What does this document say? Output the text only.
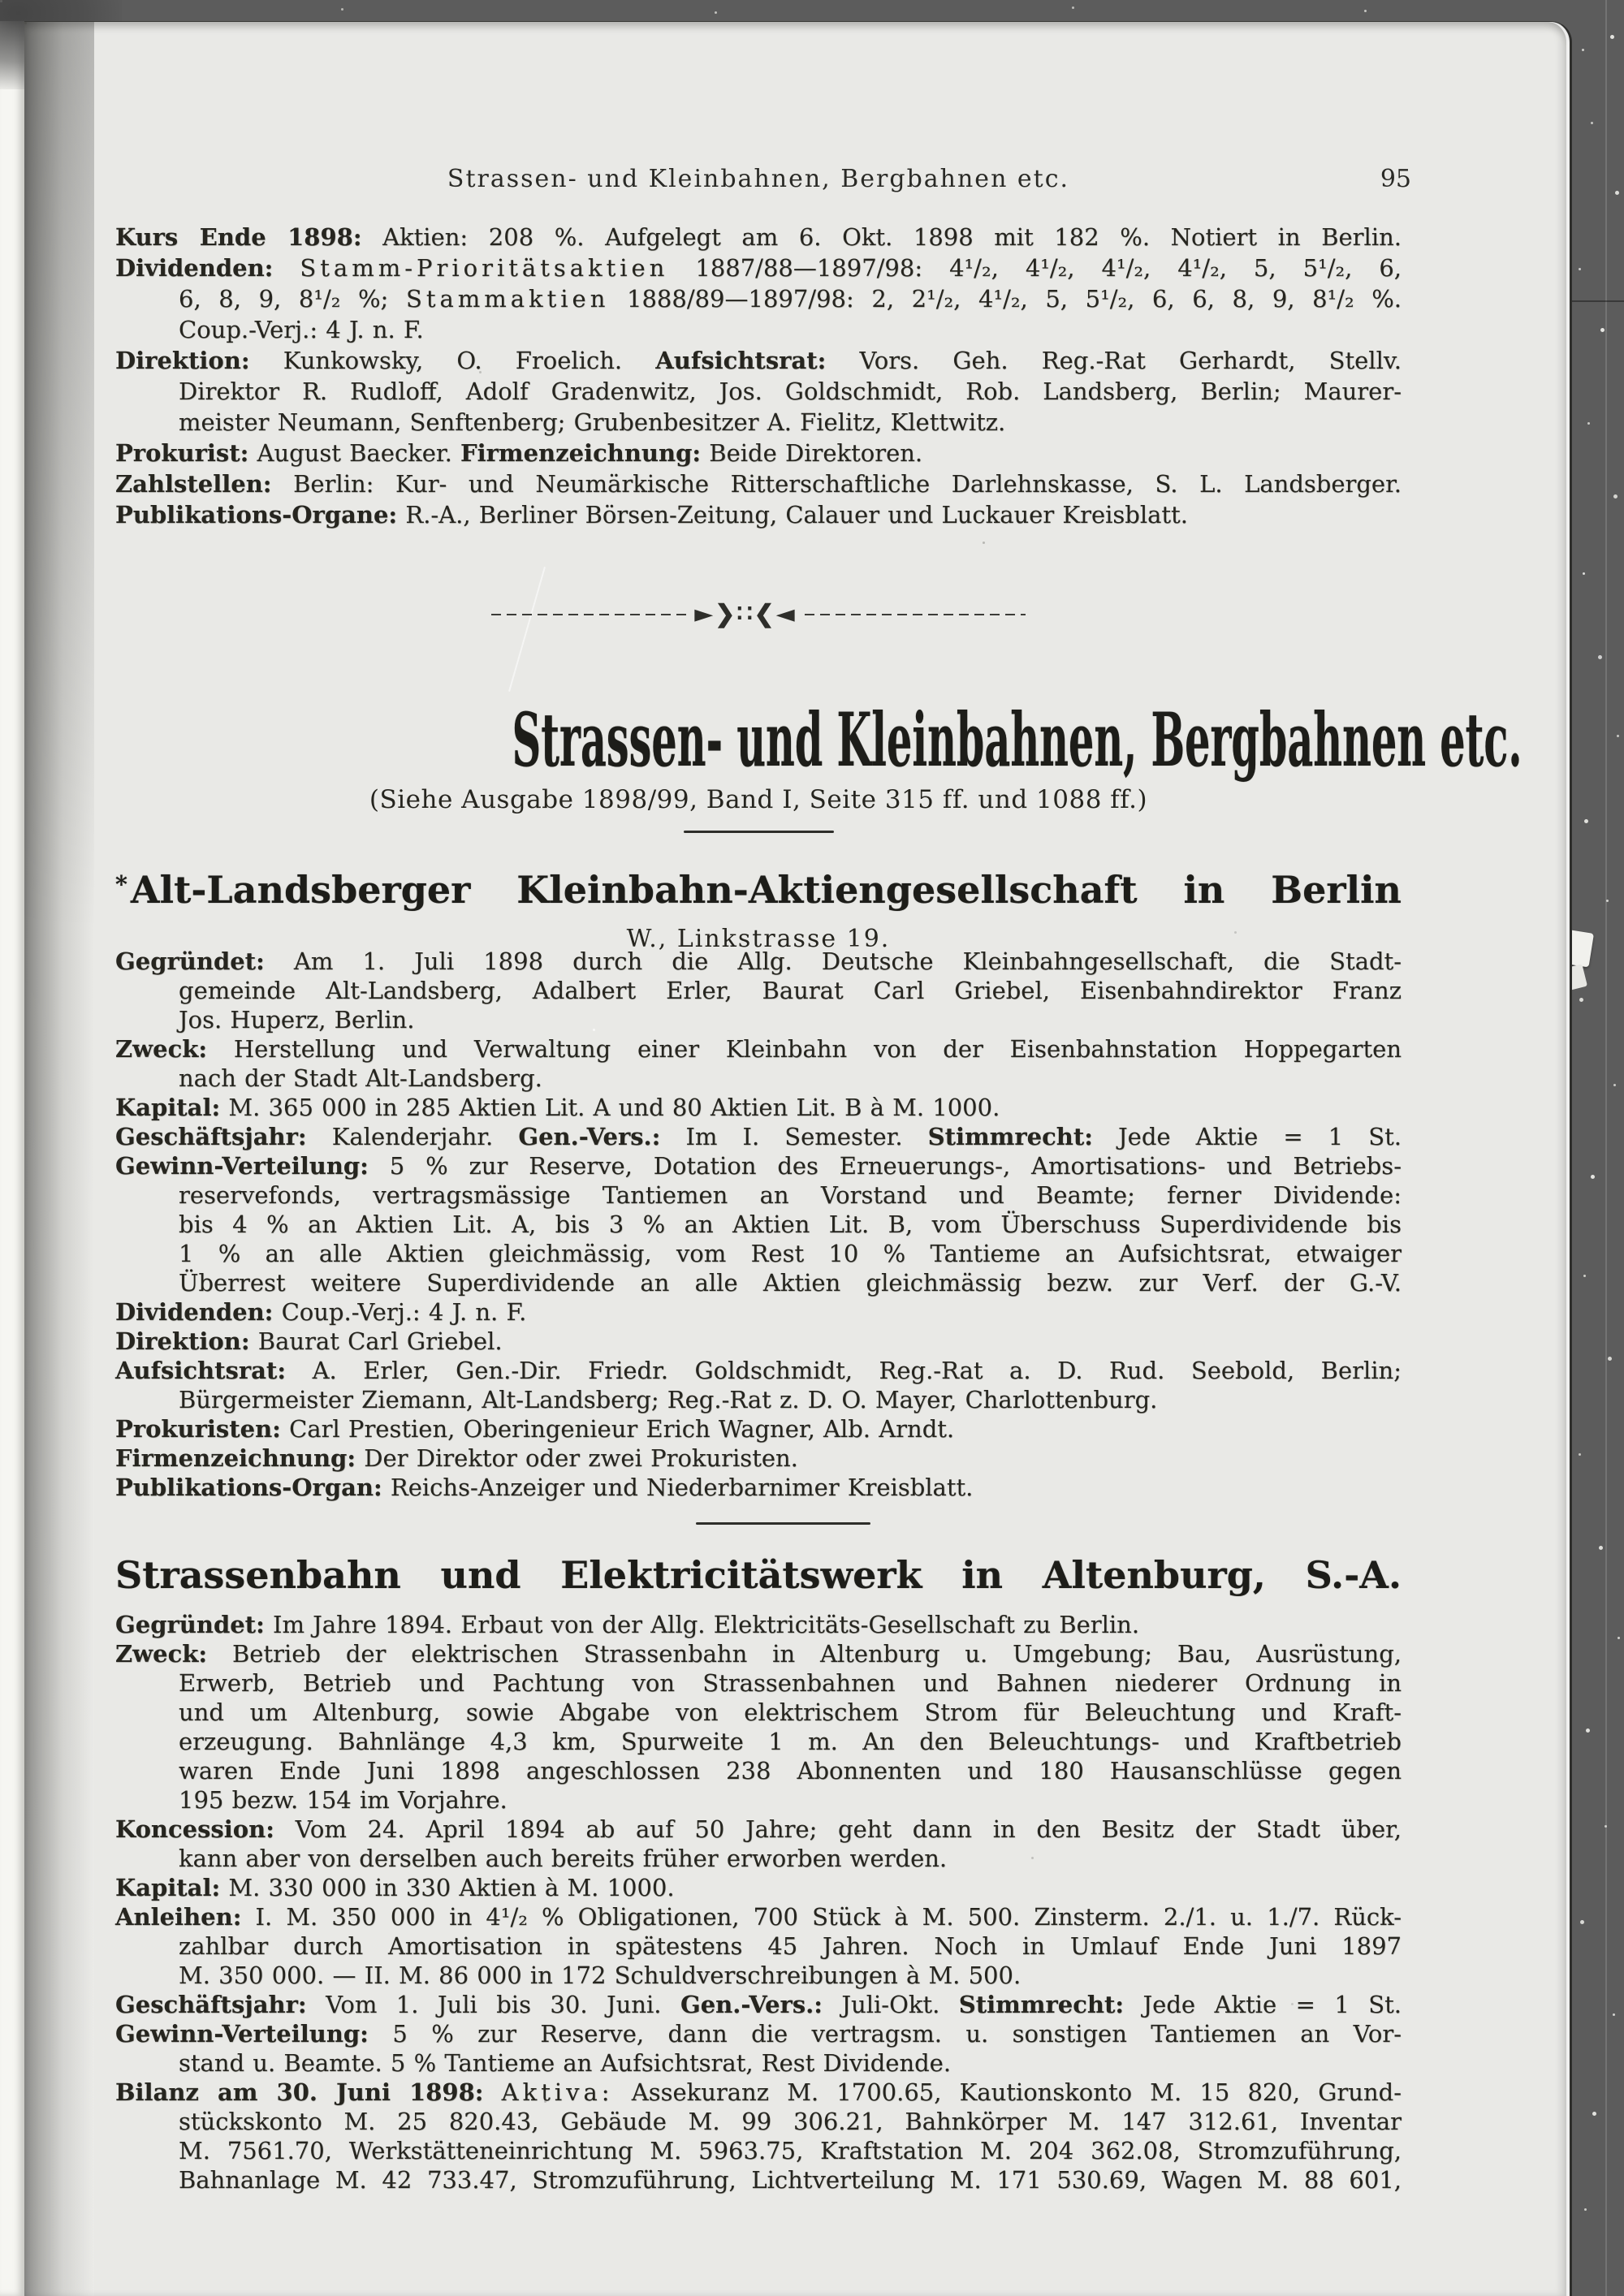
Strassen- und Kleinbahnen, Bergbahnen etc.	95
Kurs Ende 1898: Aktien: 208 %. Aufgelegt am 6. Okt. 1898 mit 182 %. Notiert in Berlin.
Dividenden: Stamm-Prioritätsaktien 1887/88—1897/98: 4¹/₂, 4¹/₂, 4¹/₂, 4¹/₂, 5, 5¹/₂, 6,
6, 8, 9, 8¹/₂ %; Stammaktien 1888/89—1897/98: 2, 2¹/₂, 4¹/₂, 5, 5¹/₂, 6, 6, 8, 9, 8¹/₂ %.
Coup.-Verj.: 4 J. n. F.
Direktion: Kunkowsky, O. Froelich. Aufsichtsrat: Vors. Geh. Reg.-Rat Gerhardt, Stellv.
Direktor R. Rudloff, Adolf Gradenwitz, Jos. Goldschmidt, Rob. Landsberg, Berlin; Maurer-
meister Neumann, Senftenberg; Grubenbesitzer A. Fielitz, Klettwitz.
Prokurist: August Baecker. Firmenzeichnung: Beide Direktoren.
Zahlstellen: Berlin: Kur- und Neumärkische Ritterschaftliche Darlehnskasse, S. L. Landsberger.
Publikations-Organe: R.-A., Berliner Börsen-Zeitung, Calauer und Luckauer Kreisblatt.
►❯∷❮◄
Strassen- und Kleinbahnen, Bergbahnen etc.
(Siehe Ausgabe 1898/99, Band I, Seite 315 ff. und 1088 ff.)
*Alt-Landsberger Kleinbahn-Aktiengesellschaft in Berlin
W., Linkstrasse 19.
Gegründet: Am 1. Juli 1898 durch die Allg. Deutsche Kleinbahngesellschaft, die Stadt-
gemeinde Alt-Landsberg, Adalbert Erler, Baurat Carl Griebel, Eisenbahndirektor Franz
Jos. Huperz, Berlin.
Zweck: Herstellung und Verwaltung einer Kleinbahn von der Eisenbahnstation Hoppegarten
nach der Stadt Alt-Landsberg.
Kapital: M. 365 000 in 285 Aktien Lit. A und 80 Aktien Lit. B à M. 1000.
Geschäftsjahr: Kalenderjahr. Gen.-Vers.: Im I. Semester. Stimmrecht: Jede Aktie = 1 St.
Gewinn-Verteilung: 5 % zur Reserve, Dotation des Erneuerungs-, Amortisations- und Betriebs-
reservefonds, vertragsmässige Tantiemen an Vorstand und Beamte; ferner Dividende:
bis 4 % an Aktien Lit. A, bis 3 % an Aktien Lit. B, vom Überschuss Superdividende bis
1 % an alle Aktien gleichmässig, vom Rest 10 % Tantieme an Aufsichtsrat, etwaiger
Überrest weitere Superdividende an alle Aktien gleichmässig bezw. zur Verf. der G.-V.
Dividenden: Coup.-Verj.: 4 J. n. F.
Direktion: Baurat Carl Griebel.
Aufsichtsrat: A. Erler, Gen.-Dir. Friedr. Goldschmidt, Reg.-Rat a. D. Rud. Seebold, Berlin;
Bürgermeister Ziemann, Alt-Landsberg; Reg.-Rat z. D. O. Mayer, Charlottenburg.
Prokuristen: Carl Prestien, Oberingenieur Erich Wagner, Alb. Arndt.
Firmenzeichnung: Der Direktor oder zwei Prokuristen.
Publikations-Organ: Reichs-Anzeiger und Niederbarnimer Kreisblatt.
Strassenbahn und Elektricitätswerk in Altenburg, S.-A.
Gegründet: Im Jahre 1894. Erbaut von der Allg. Elektricitäts-Gesellschaft zu Berlin.
Zweck: Betrieb der elektrischen Strassenbahn in Altenburg u. Umgebung; Bau, Ausrüstung,
Erwerb, Betrieb und Pachtung von Strassenbahnen und Bahnen niederer Ordnung in
und um Altenburg, sowie Abgabe von elektrischem Strom für Beleuchtung und Kraft-
erzeugung. Bahnlänge 4,3 km, Spurweite 1 m. An den Beleuchtungs- und Kraftbetrieb
waren Ende Juni 1898 angeschlossen 238 Abonnenten und 180 Hausanschlüsse gegen
195 bezw. 154 im Vorjahre.
Koncession: Vom 24. April 1894 ab auf 50 Jahre; geht dann in den Besitz der Stadt über,
kann aber von derselben auch bereits früher erworben werden.
Kapital: M. 330 000 in 330 Aktien à M. 1000.
Anleihen: I. M. 350 000 in 4¹/₂ % Obligationen, 700 Stück à M. 500. Zinsterm. 2./1. u. 1./7. Rück-
zahlbar durch Amortisation in spätestens 45 Jahren. Noch in Umlauf Ende Juni 1897
M. 350 000. — II. M. 86 000 in 172 Schuldverschreibungen à M. 500.
Geschäftsjahr: Vom 1. Juli bis 30. Juni. Gen.-Vers.: Juli-Okt. Stimmrecht: Jede Aktie = 1 St.
Gewinn-Verteilung: 5 % zur Reserve, dann die vertragsm. u. sonstigen Tantiemen an Vor-
stand u. Beamte. 5 % Tantieme an Aufsichtsrat, Rest Dividende.
Bilanz am 30. Juni 1898: Aktiva: Assekuranz M. 1700.65, Kautionskonto M. 15 820, Grund-
stückskonto M. 25 820.43, Gebäude M. 99 306.21, Bahnkörper M. 147 312.61, Inventar
M. 7561.70, Werkstätteneinrichtung M. 5963.75, Kraftstation M. 204 362.08, Stromzuführung,
Bahnanlage M. 42 733.47, Stromzuführung, Lichtverteilung M. 171 530.69, Wagen M. 88 601,
